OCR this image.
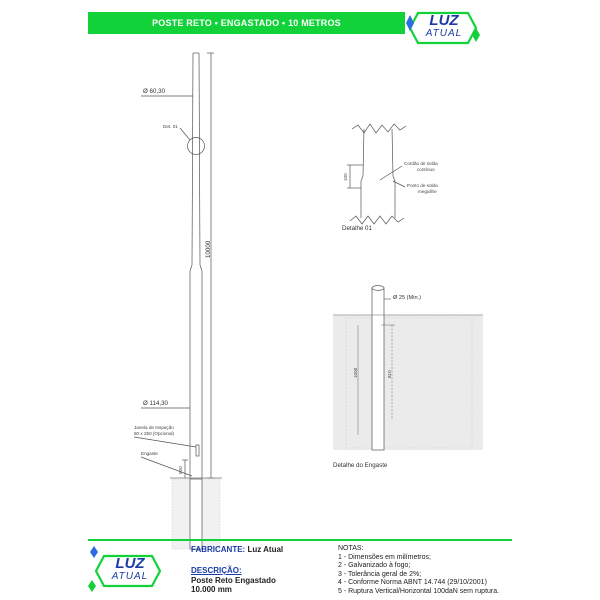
POSTE RETO • ENGASTADO • 10 METROS	LUZ
ATUAL
Ø 60,30
Det. 01
10000
Ø 114,30
Janela de Inspeção
80 x 250 (Opcional)
Engaste
500
100
Cordão de solda
contínuo
Ponto de solda
meguilhe
Detalhe 01
Ø 25 (Min.)
1000	810
Detalhe do Engaste
LUZ
ATUAL
FABRICANTE: Luz Atual
DESCRIÇÃO:
Poste Reto Engastado
10.000 mm
NOTAS:
1 - Dimensões em milímetros;
2 - Galvanizado à fogo;
3 - Tolerância geral de 2%;
4 - Conforme Norma ABNT 14.744 (29/10/2001)
5 - Ruptura Vertical/Horizontal 100daN sem ruptura.
